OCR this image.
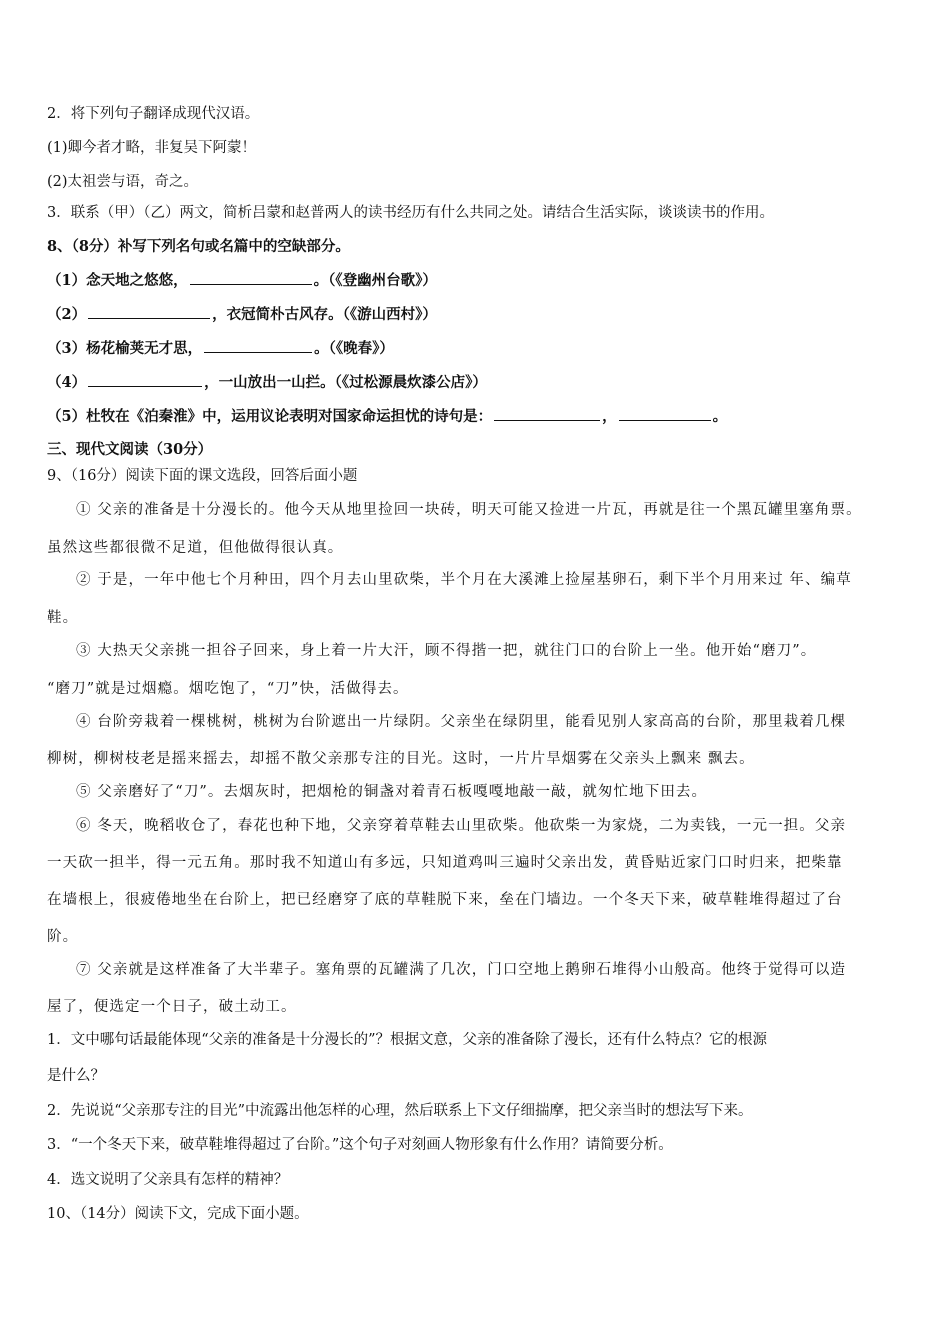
2．将下列句子翻译成现代汉语。
(1)卿今者才略，非复吴下阿蒙！
(2)太祖尝与语，奇之。
3．联系（甲）（乙）两文，简析吕蒙和赵普两人的读书经历有什么共同之处。请结合生活实际，谈谈读书的作用。
8、（8分）补写下列名句或名篇中的空缺部分。
（1）念天地之悠悠，	。（《登幽州台歌》）
（2）	，衣冠简朴古风存。（《游山西村》）
（3）杨花榆荚无才思，	。（《晚春》）
（4）	，一山放出一山拦。（《过松源晨炊漆公店》）
（5）杜牧在《泊秦淮》中，运用议论表明对国家命运担忧的诗句是：	，	。
三、现代文阅读（30分）
9、（16分）阅读下面的课文选段，回答后面小题
① 父亲的准备是十分漫长的。他今天从地里捡回一块砖，明天可能又捡进一片瓦，再就是往一个黑瓦罐里塞角票。
虽然这些都很微不足道，但他做得很认真。
② 于是，一年中他七个月种田，四个月去山里砍柴，半个月在大溪滩上捡屋基卵石，剩下半个月用来过 年、编草
鞋。
③ 大热天父亲挑一担谷子回来，身上着一片大汗，顾不得揩一把，就往门口的台阶上一坐。他开始“磨刀”。
“磨刀”就是过烟瘾。烟吃饱了，“刀”快，活做得去。
④ 台阶旁栽着一棵桃树，桃树为台阶遮出一片绿阴。父亲坐在绿阴里，能看见别人家高高的台阶，那里栽着几棵
柳树，柳树枝老是摇来摇去，却摇不散父亲那专注的目光。这时，一片片旱烟雾在父亲头上飘来 飘去。
⑤ 父亲磨好了“刀”。去烟灰时，把烟枪的铜盏对着青石板嘎嘎地敲一敲，就匆忙地下田去。
⑥ 冬天，晚稻收仓了，春花也种下地，父亲穿着草鞋去山里砍柴。他砍柴一为家烧，二为卖钱，一元一担。父亲
一天砍一担半，得一元五角。那时我不知道山有多远，只知道鸡叫三遍时父亲出发，黄昏贴近家门口时归来，把柴靠
在墙根上，很疲倦地坐在台阶上，把已经磨穿了底的草鞋脱下来，垒在门墙边。一个冬天下来，破草鞋堆得超过了台
阶。
⑦ 父亲就是这样准备了大半辈子。塞角票的瓦罐满了几次，门口空地上鹅卵石堆得小山般高。他终于觉得可以造
屋了，便选定一个日子，破土动工。
1．文中哪句话最能体现“父亲的准备是十分漫长的”？根据文意，父亲的准备除了漫长，还有什么特点？它的根源
是什么？
2．先说说“父亲那专注的目光”中流露出他怎样的心理，然后联系上下文仔细揣摩，把父亲当时的想法写下来。
3．“一个冬天下来，破草鞋堆得超过了台阶。”这个句子对刻画人物形象有什么作用？请简要分析。
4．选文说明了父亲具有怎样的精神？
10、（14分）阅读下文，完成下面小题。
